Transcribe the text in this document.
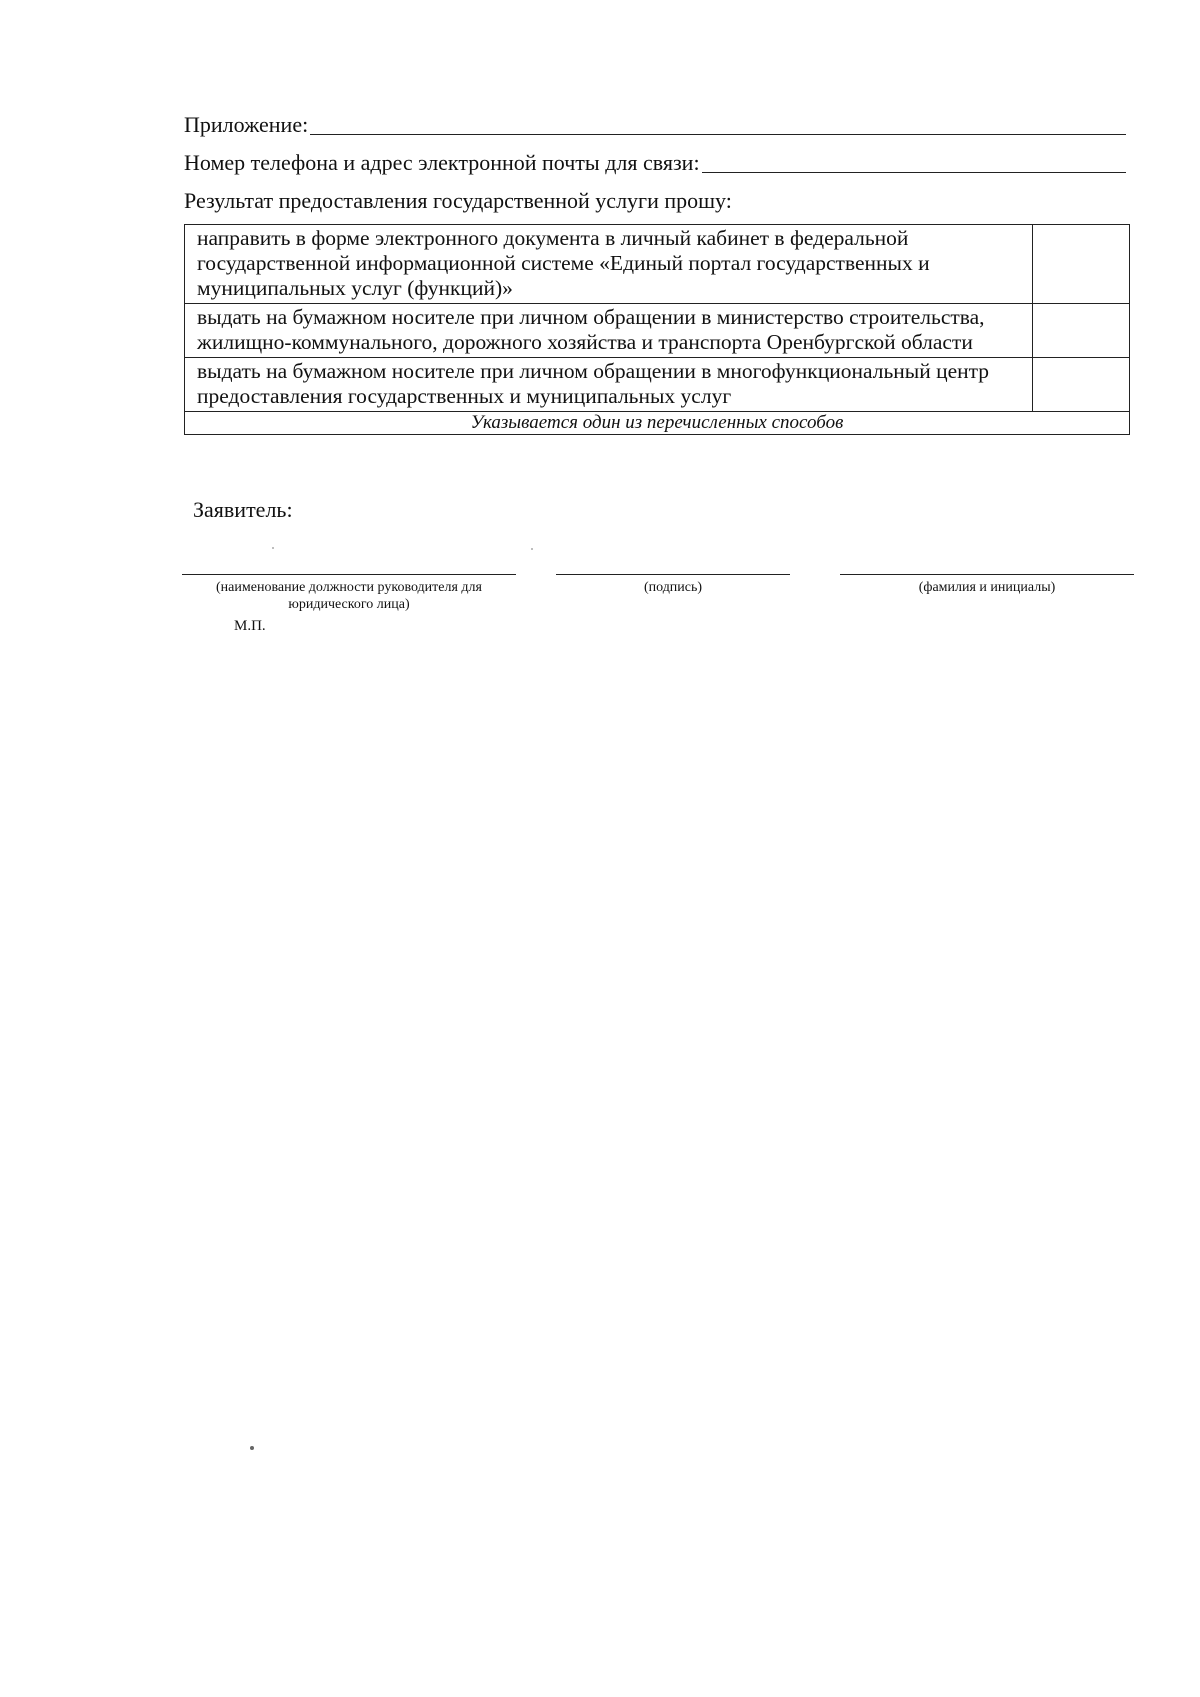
Приложение:
Номер телефона и адрес электронной почты для связи:
Результат предоставления государственной услуги прошу:
направить в форме электронного документа в личный кабинет в федеральной государственной информационной системе «Единый портал государственных и муниципальных услуг (функций)»	
выдать на бумажном носителе при личном обращении в министерство строительства, жилищно-коммунального, дорожного хозяйства и транспорта Оренбургской области	
выдать на бумажном носителе при личном обращении в многофункциональный центр предоставления государственных и муниципальных услуг	
Указывается один из перечисленных способов	
Заявитель:
(наименование должности руководителя для юридического лица)
(подпись)	(фамилия и инициалы)
М.П.
